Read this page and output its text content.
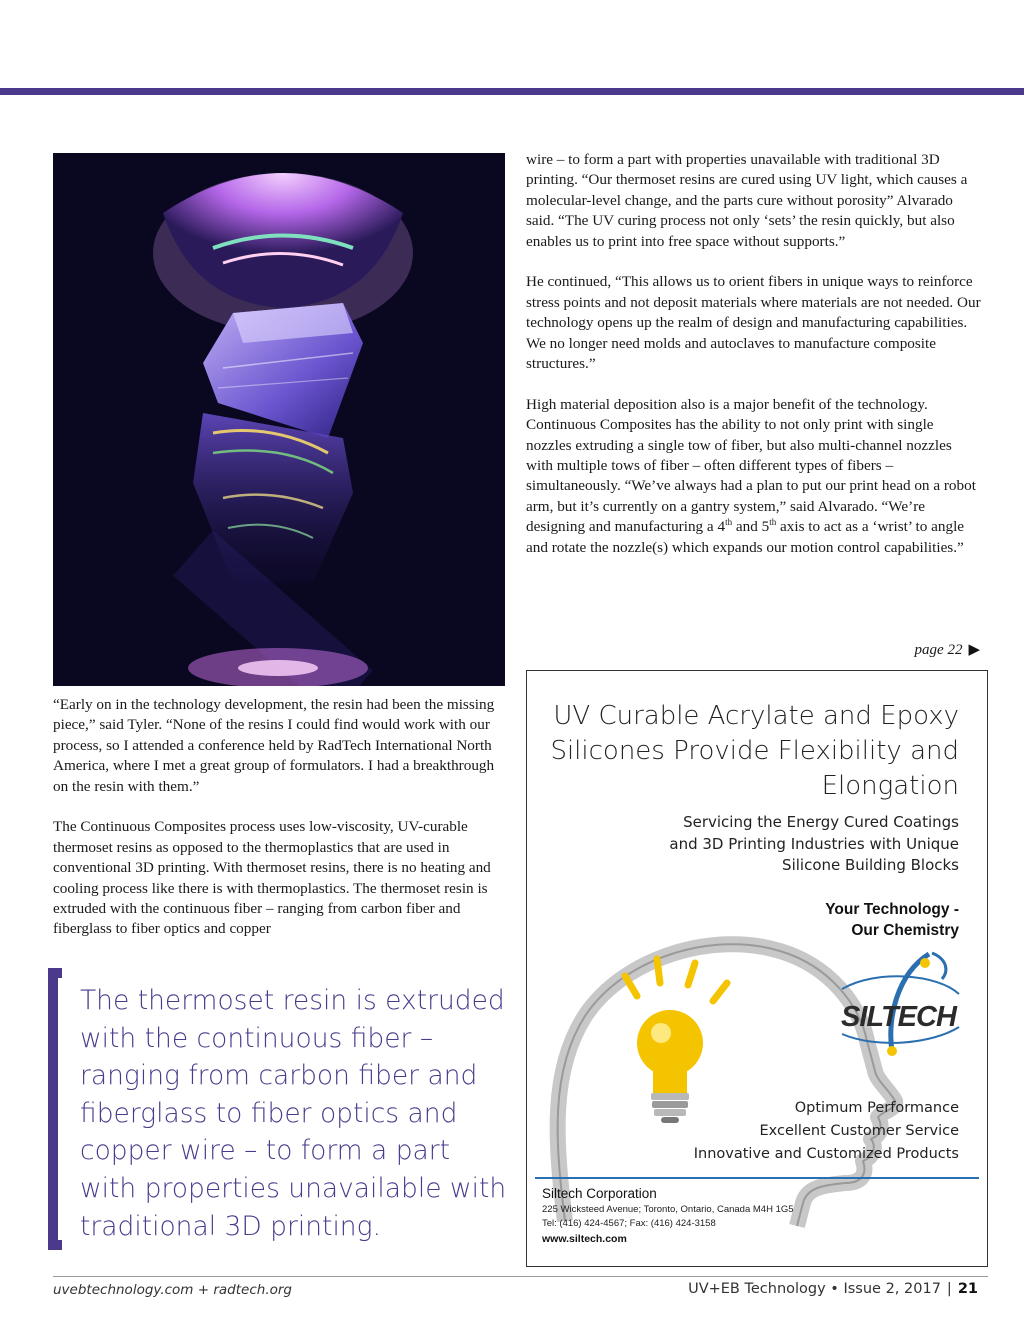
wire – to form a part with properties unavailable with traditional 3D printing. “Our thermoset resins are cured using UV light, which causes a molecular-level change, and the parts cure without porosity” Alvarado said. “The UV curing process not only ‘sets’ the resin quickly, but also enables us to print into free space without supports.”

He continued, “This allows us to orient fibers in unique ways to reinforce stress points and not deposit materials where materials are not needed. Our technology opens up the realm of design and manufacturing capabilities. We no longer need molds and autoclaves to manufacture composite structures.”

High material deposition also is a major benefit of the technology. Continuous Composites has the ability to not only print with single nozzles extruding a single tow of fiber, but also multi-channel nozzles with multiple tows of fiber – often different types of fibers – simultaneously. “We’ve always had a plan to put our print head on a robot arm, but it’s currently on a gantry system,” said Alvarado. “We’re designing and manufacturing a 4th and 5th axis to act as a ‘wrist’ to angle and rotate the nozzle(s) which expands our motion control capabilities.”

page 22 ▶

“Early on in the technology development, the resin had been the missing piece,” said Tyler. “None of the resins I could find would work with our process, so I attended a conference held by RadTech International North America, where I met a great group of formulators. I had a breakthrough on the resin with them.”

The Continuous Composites process uses low-viscosity, UV-curable thermoset resins as opposed to the thermoplastics that are used in conventional 3D printing. With thermoset resins, there is no heating and cooling process like there is with thermoplastics. The thermoset resin is extruded with the continuous fiber – ranging from carbon fiber and fiberglass to fiber optics and copper

The thermoset resin is extruded with the continuous fiber – ranging from carbon fiber and fiberglass to fiber optics and copper wire – to form a part with properties unavailable with traditional 3D printing.
UV Curable Acrylate and Epoxy Silicones Provide Flexibility and Elongation
Servicing the Energy Cured Coatings
and 3D Printing Industries with Unique
Silicone Building Blocks
Your Technology -
Our Chemistry
SILTECH
Optimum Performance
Excellent Customer Service
Innovative and Customized Products
Siltech Corporation
225 Wicksteed Avenue; Toronto, Ontario, Canada M4H 1G5
Tel: (416) 424-4567; Fax: (416) 424-3158
www.siltech.com
uvebtechnology.com + radtech.org	UV+EB Technology • Issue 2, 2017 | 21
